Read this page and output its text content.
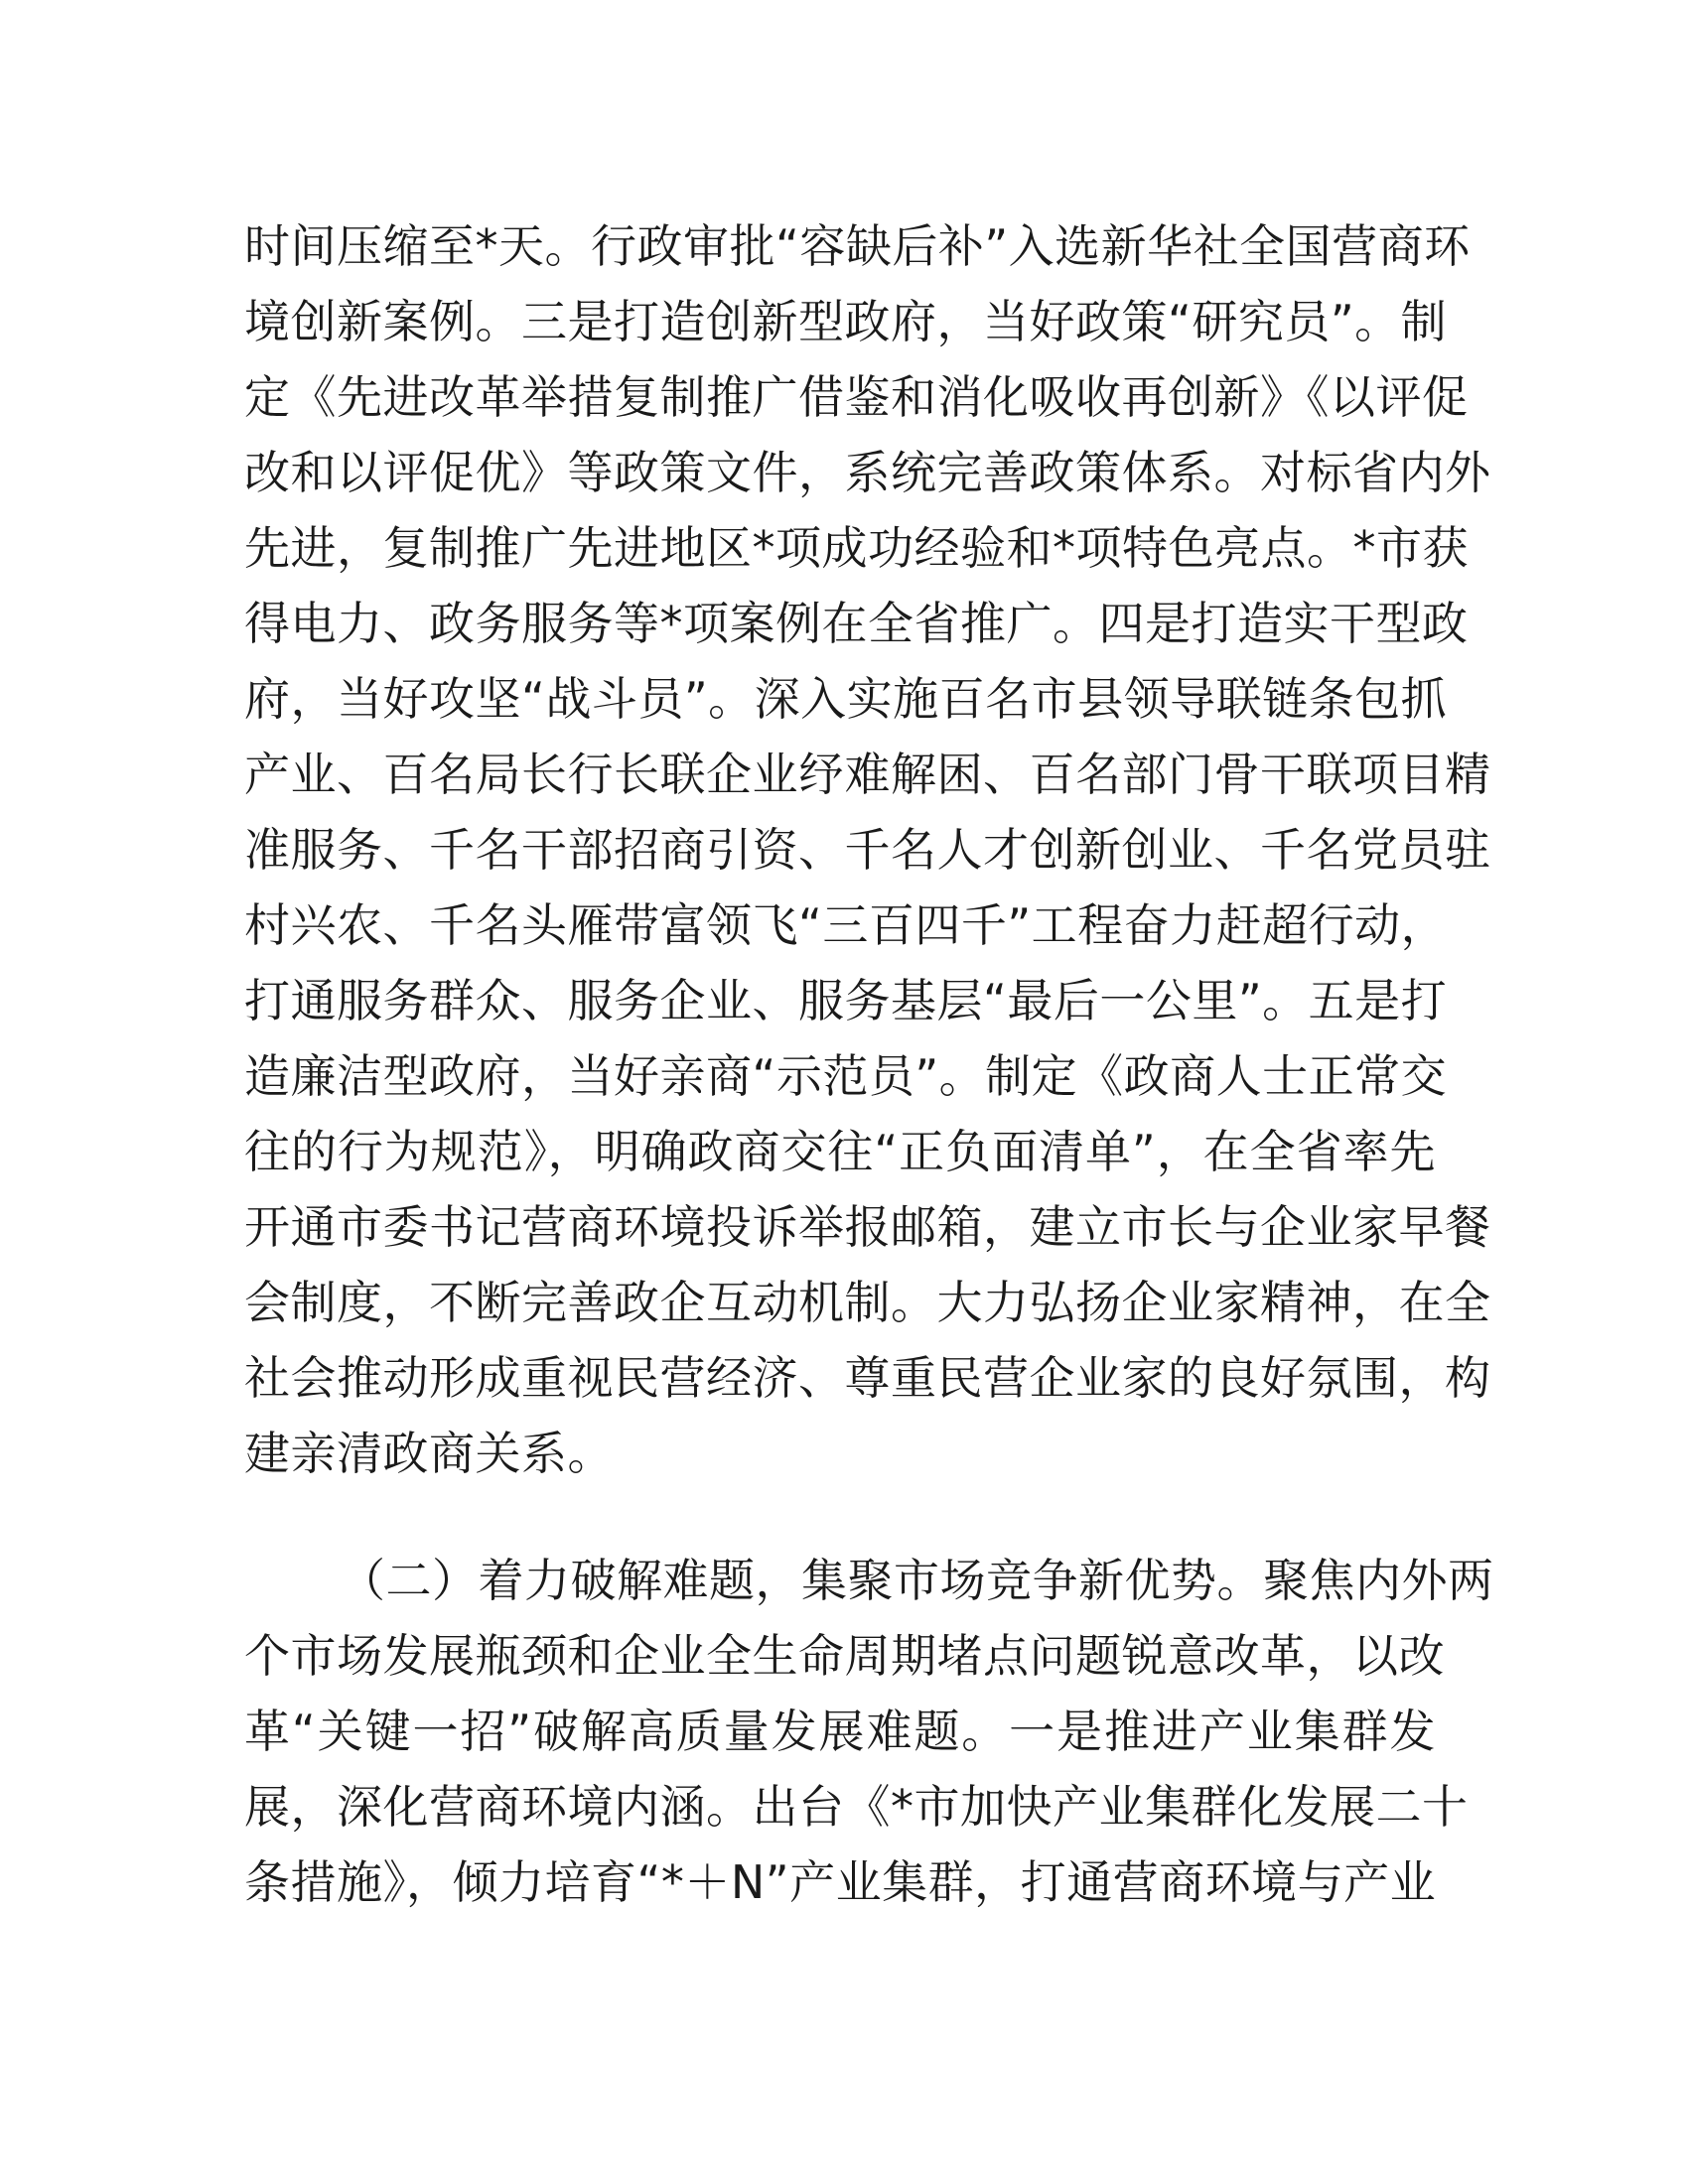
时间压缩至*天。行政审批“容缺后补”入选新华社全国营商环
境创新案例。三是打造创新型政府，当好政策“研究员”。制
定《先进改革举措复制推广借鉴和消化吸收再创新》《以评促
改和以评促优》等政策文件，系统完善政策体系。对标省内外
先进，复制推广先进地区*项成功经验和*项特色亮点。*市获
得电力、政务服务等*项案例在全省推广。四是打造实干型政
府，当好攻坚“战斗员”。深入实施百名市县领导联链条包抓
产业、百名局长行长联企业纾难解困、百名部门骨干联项目精
准服务、千名干部招商引资、千名人才创新创业、千名党员驻
村兴农、千名头雁带富领飞“三百四千”工程奋力赶超行动，
打通服务群众、服务企业、服务基层“最后一公里”。五是打
造廉洁型政府，当好亲商“示范员”。制定《政商人士正常交
往的行为规范》，明确政商交往“正负面清单”，在全省率先
开通市委书记营商环境投诉举报邮箱，建立市长与企业家早餐
会制度，不断完善政企互动机制。大力弘扬企业家精神，在全
社会推动形成重视民营经济、尊重民营企业家的良好氛围，构
建亲清政商关系。
（二）着力破解难题，集聚市场竞争新优势。聚焦内外两
个市场发展瓶颈和企业全生命周期堵点问题锐意改革，以改
革“关键一招”破解高质量发展难题。一是推进产业集群发
展，深化营商环境内涵。出台《*市加快产业集群化发展二十
条措施》，倾力培育“*＋N”产业集群，打通营商环境与产业
